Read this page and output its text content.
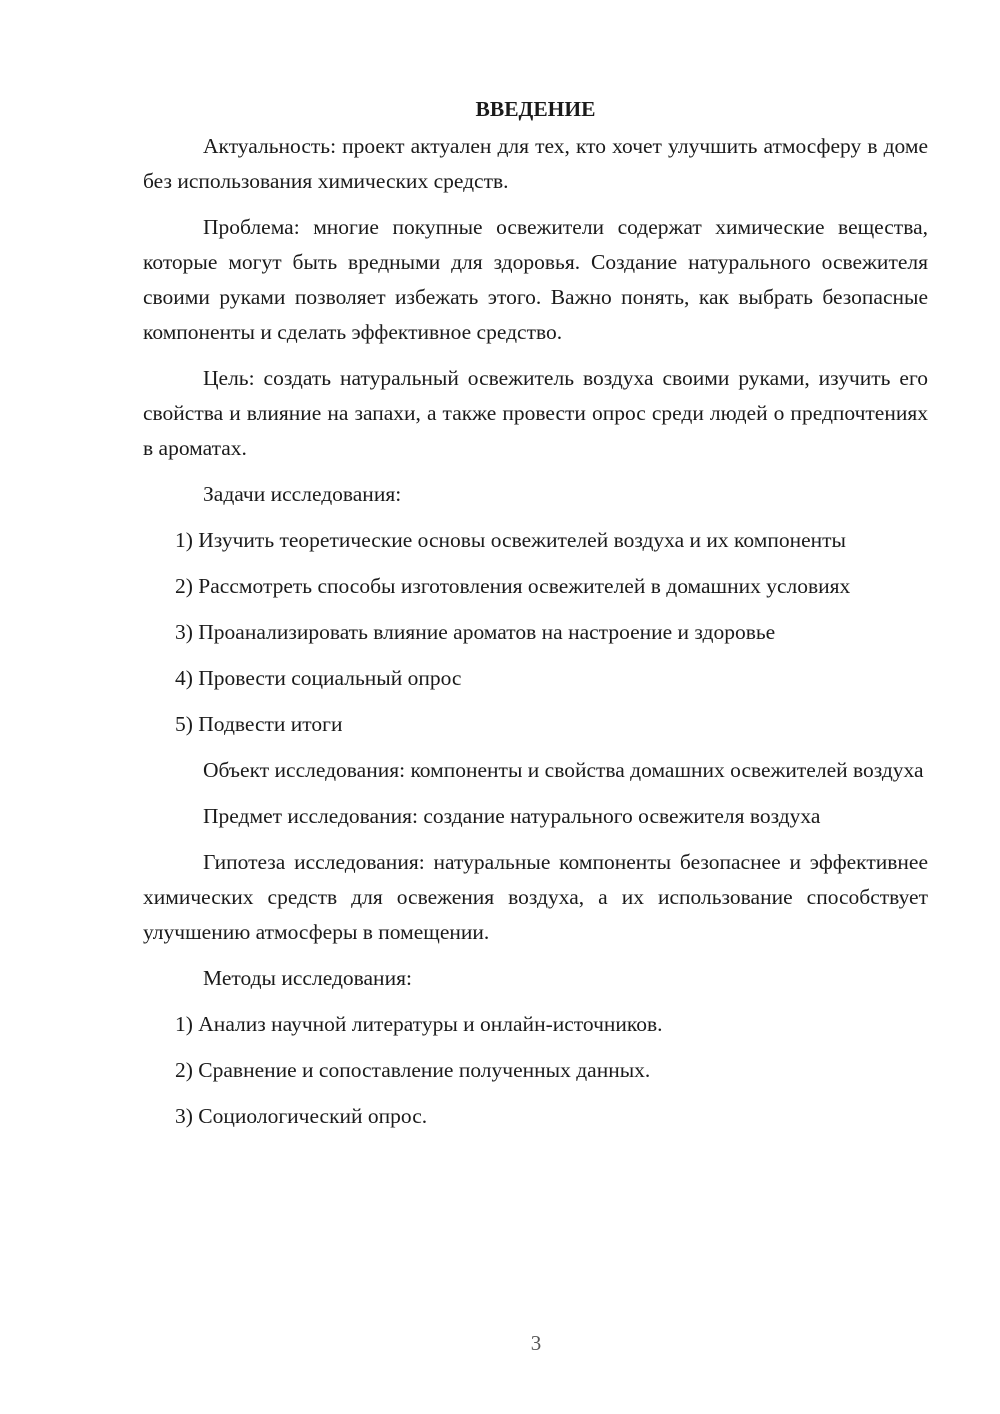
ВВЕДЕНИЕ

Актуальность: проект актуален для тех, кто хочет улучшить атмосферу в доме без использования химических средств.

Проблема: многие покупные освежители содержат химические вещества, которые могут быть вредными для здоровья. Создание натурального освежителя своими руками позволяет избежать этого. Важно понять, как выбрать безопасные компоненты и сделать эффективное средство.

Цель: создать натуральный освежитель воздуха своими руками, изучить его свойства и влияние на запахи, а также провести опрос среди людей о предпочтениях в ароматах.

Задачи исследования:

1) Изучить теоретические основы освежителей воздуха и их компоненты

2) Рассмотреть способы изготовления освежителей в домашних условиях

3) Проанализировать влияние ароматов на настроение и здоровье

4) Провести социальный опрос

5) Подвести итоги

Объект исследования: компоненты и свойства домашних освежителей воздуха

Предмет исследования: создание натурального освежителя воздуха

Гипотеза исследования: натуральные компоненты безопаснее и эффективнее химических средств для освежения воздуха, а их использование способствует улучшению атмосферы в помещении.

Методы исследования:

1) Анализ научной литературы и онлайн-источников.

2) Сравнение и сопоставление полученных данных.

3) Социологический опрос.

3
